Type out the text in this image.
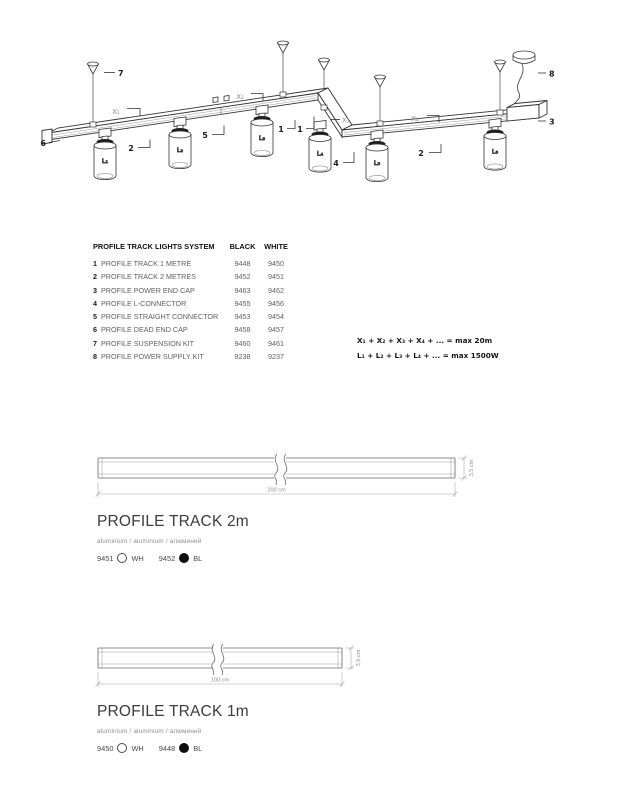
L₁
L₂
L₃
L₄
L₅
L₆
6
7
2
5
1 1
4
2
3
8
X₁
X₂
X₃	X₄
PROFILE TRACK LIGHTS SYSTEM	BLACK	WHITE
1 PROFILE TRACK 1 METRE	9448	9450
2 PROFILE TRACK 2 METRES	9452	9451
3 PROFILE POWER END CAP	9463	9462
4 PROFILE L-CONNECTOR	9455	9456
5 PROFILE STRAIGHT CONNECTOR	9453	9454
6 PROFILE DEAD END CAP	9458	9457
7 PROFILE SUSPENSION KIT	9460	9461
8 PROFILE POWER SUPPLY KIT	9238	9237
X₁ + X₂ + X₃ + X₄ + ... = max 20m
L₁ + L₂ + L₃ + L₄ + ... = max 1500W
200 cm
3,5 cm
PROFILE TRACK 2m
aluminium / aluminium / алюминий
9451 WH 9452 BL
100 cm
3,5 cm
PROFILE TRACK 1m
aluminium / aluminium / алюминий
9450 WH 9448 BL
